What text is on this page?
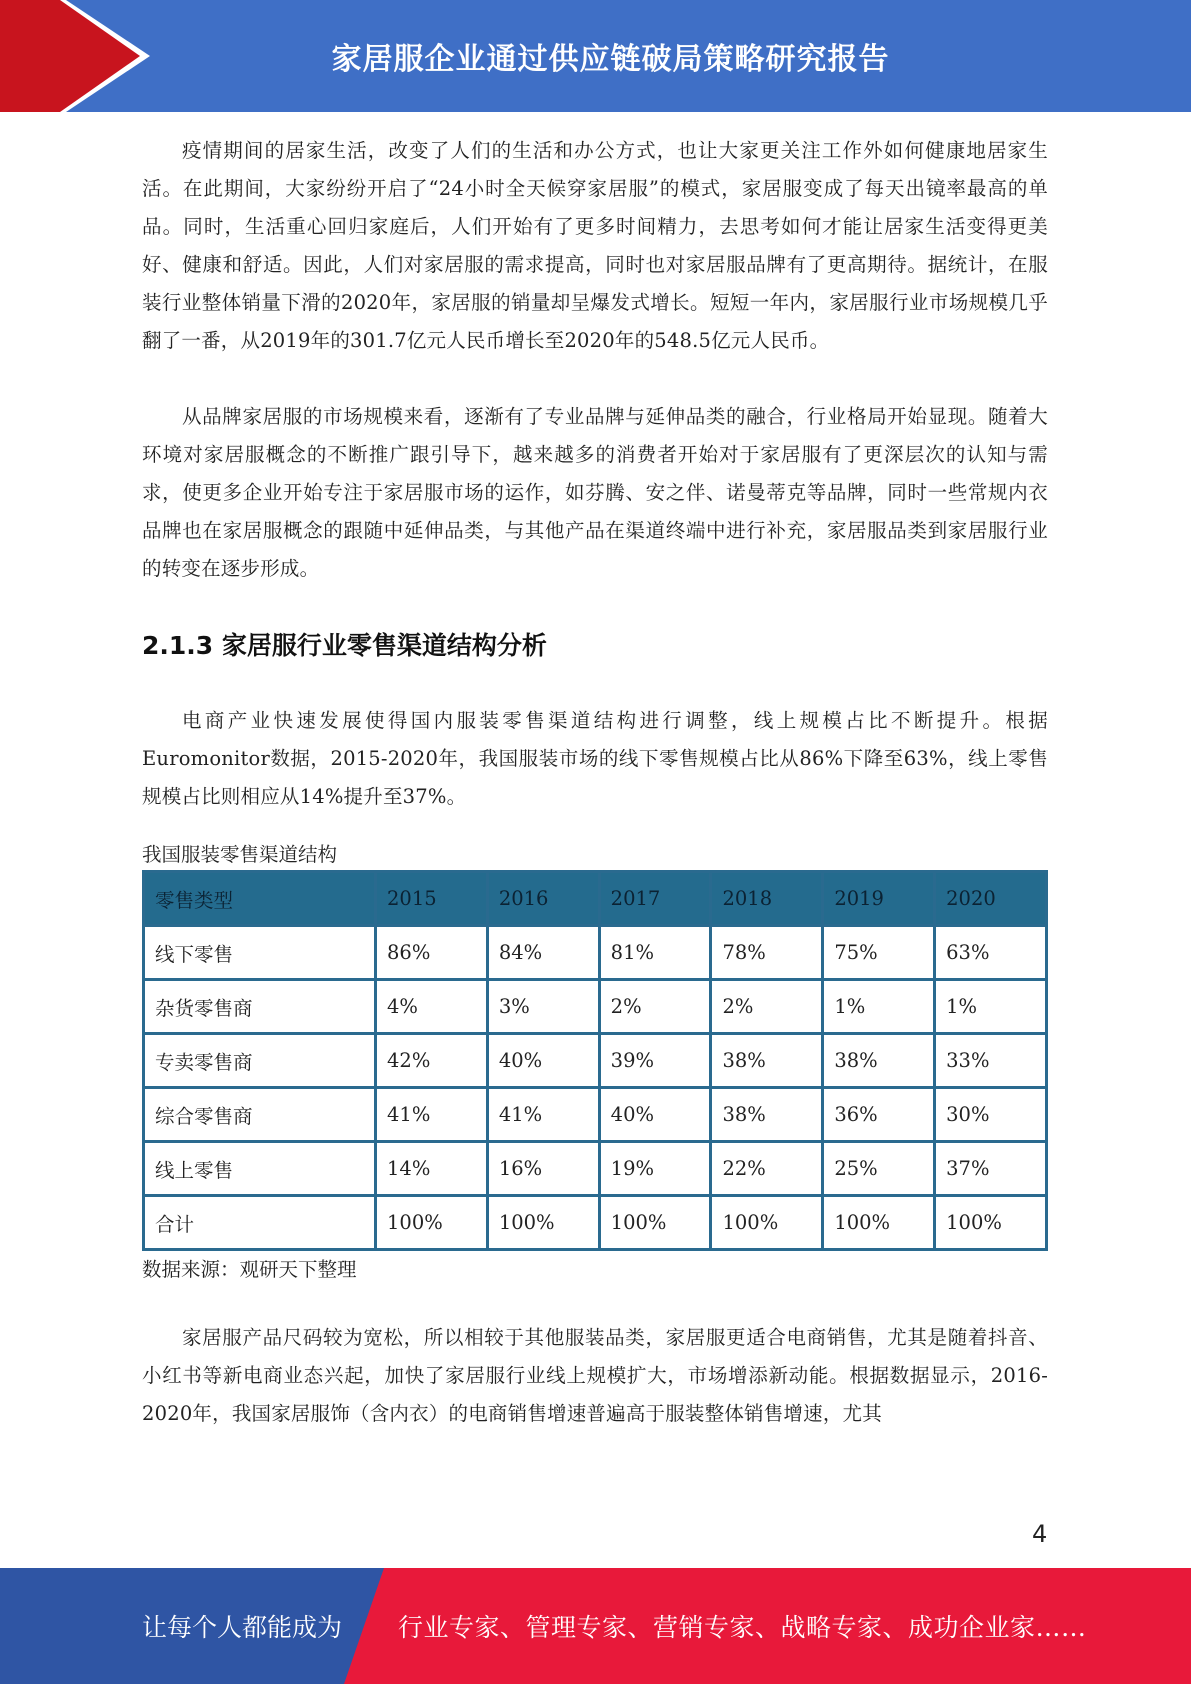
家居服企业通过供应链破局策略研究报告

疫情期间的居家生活，改变了人们的生活和办公方式，也让大家更关注工作外如何健康地居家生活。在此期间，大家纷纷开启了“24小时全天候穿家居服”的模式，家居服变成了每天出镜率最高的单品。同时，生活重心回归家庭后，人们开始有了更多时间精力，去思考如何才能让居家生活变得更美好、健康和舒适。因此，人们对家居服的需求提高，同时也对家居服品牌有了更高期待。据统计，在服装行业整体销量下滑的2020年，家居服的销量却呈爆发式增长。短短一年内，家居服行业市场规模几乎翻了一番，从2019年的301.7亿元人民币增长至2020年的548.5亿元人民币。

从品牌家居服的市场规模来看，逐渐有了专业品牌与延伸品类的融合，行业格局开始显现。随着大环境对家居服概念的不断推广跟引导下，越来越多的消费者开始对于家居服有了更深层次的认知与需求，使更多企业开始专注于家居服市场的运作，如芬腾、安之伴、诺曼蒂克等品牌，同时一些常规内衣品牌也在家居服概念的跟随中延伸品类，与其他产品在渠道终端中进行补充，家居服品类到家居服行业的转变在逐步形成。

2.1.3 家居服行业零售渠道结构分析

电商产业快速发展使得国内服装零售渠道结构进行调整，线上规模占比不断提升。根据Euromonitor数据，2015-2020年，我国服装市场的线下零售规模占比从86%下降至63%，线上零售规模占比则相应从14%提升至37%。

我国服装零售渠道结构

零售类型	2015	2016	2017	2018	2019	2020
线下零售	86%	84%	81%	78%	75%	63%
杂货零售商	4%	3%	2%	2%	1%	1%
专卖零售商	42%	40%	39%	38%	38%	33%
综合零售商	41%	41%	40%	38%	36%	30%
线上零售	14%	16%	19%	22%	25%	37%
合计	100%	100%	100%	100%	100%	100%

数据来源：观研天下整理

家居服产品尺码较为宽松，所以相较于其他服装品类，家居服更适合电商销售，尤其是随着抖音、小红书等新电商业态兴起，加快了家居服行业线上规模扩大，市场增添新动能。根据数据显示，2016-2020年，我国家居服饰（含内衣）的电商销售增速普遍高于服装整体销售增速，尤其

4
让每个人都能成为 行业专家、管理专家、营销专家、战略专家、成功企业家……
